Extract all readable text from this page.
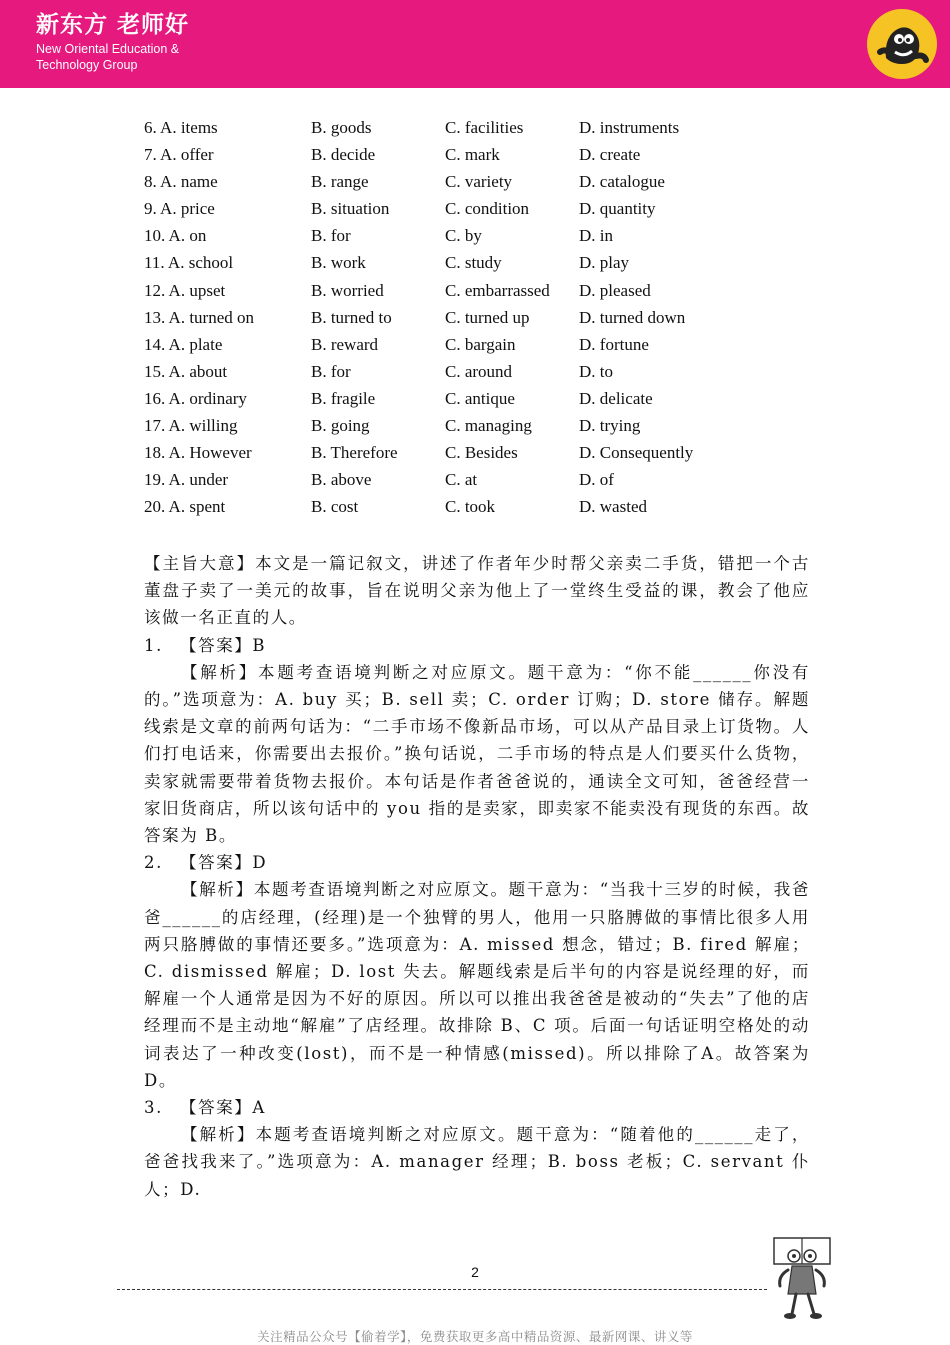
新东方 老师好
New Oriental Education & Technology Group
6. A. items	B. goods	C. facilities	D. instruments
7. A. offer	B. decide	C. mark	D. create
8. A. name	B. range	C. variety	D. catalogue
9. A. price	B. situation	C. condition	D. quantity
10. A. on	B. for	C. by	D. in
11. A. school	B. work	C. study	D. play
12. A. upset	B. worried	C. embarrassed D. pleased
13. A. turned on	B. turned to	C. turned up	D. turned down
14. A. plate	B. reward	C. bargain	D. fortune
15. A. about	B. for	C. around	D. to
16. A. ordinary	B. fragile	C. antique	D. delicate
17. A. willing	B. going	C. managing	D. trying
18. A. However	B. Therefore	C. Besides	D. Consequently
19. A. under	B. above	C. at	D. of
20. A. spent	B. cost	C. took	D. wasted

【主旨大意】本文是一篇记叙文，讲述了作者年少时帮父亲卖二手货，错把一个古董盘子卖了一美元的故事，旨在说明父亲为他上了一堂终生受益的课，教会了他应该做一名正直的人。

1. 【答案】B

【解析】本题考查语境判断之对应原文。题干意为：“你不能______你没有的。”选项意为：A. buy 买；B. sell 卖；C. order 订购；D. store 储存。解题线索是文章的前两句话为：“二手市场不像新品市场，可以从产品目录上订货物。人们打电话来，你需要出去报价。”换句话说，二手市场的特点是人们要买什么货物，卖家就需要带着货物去报价。本句话是作者爸爸说的，通读全文可知，爸爸经营一家旧货商店，所以该句话中的 you 指的是卖家，即卖家不能卖没有现货的东西。故答案为 B。

2. 【答案】D

【解析】本题考查语境判断之对应原文。题干意为：“当我十三岁的时候，我爸爸______的店经理，(经理)是一个独臂的男人，他用一只胳膊做的事情比很多人用两只胳膊做的事情还要多。”选项意为：A. missed 想念，错过；B. fired 解雇；C. dismissed 解雇；D. lost 失去。解题线索是后半句的内容是说经理的好，而解雇一个人通常是因为不好的原因。所以可以推出我爸爸是被动的“失去”了他的店经理而不是主动地“解雇”了店经理。故排除 B、C 项。后面一句话证明空格处的动词表达了一种改变(lost)，而不是一种情感(missed)。所以排除了A。故答案为 D。

3. 【答案】A

【解析】本题考查语境判断之对应原文。题干意为：“随着他的______走了，爸爸找我来了。”选项意为：A. manager 经理；B. boss 老板；C. servant 仆人；D.

2
关注精品公众号【偷着学】，免费获取更多高中精品资源、最新网课、讲义等
